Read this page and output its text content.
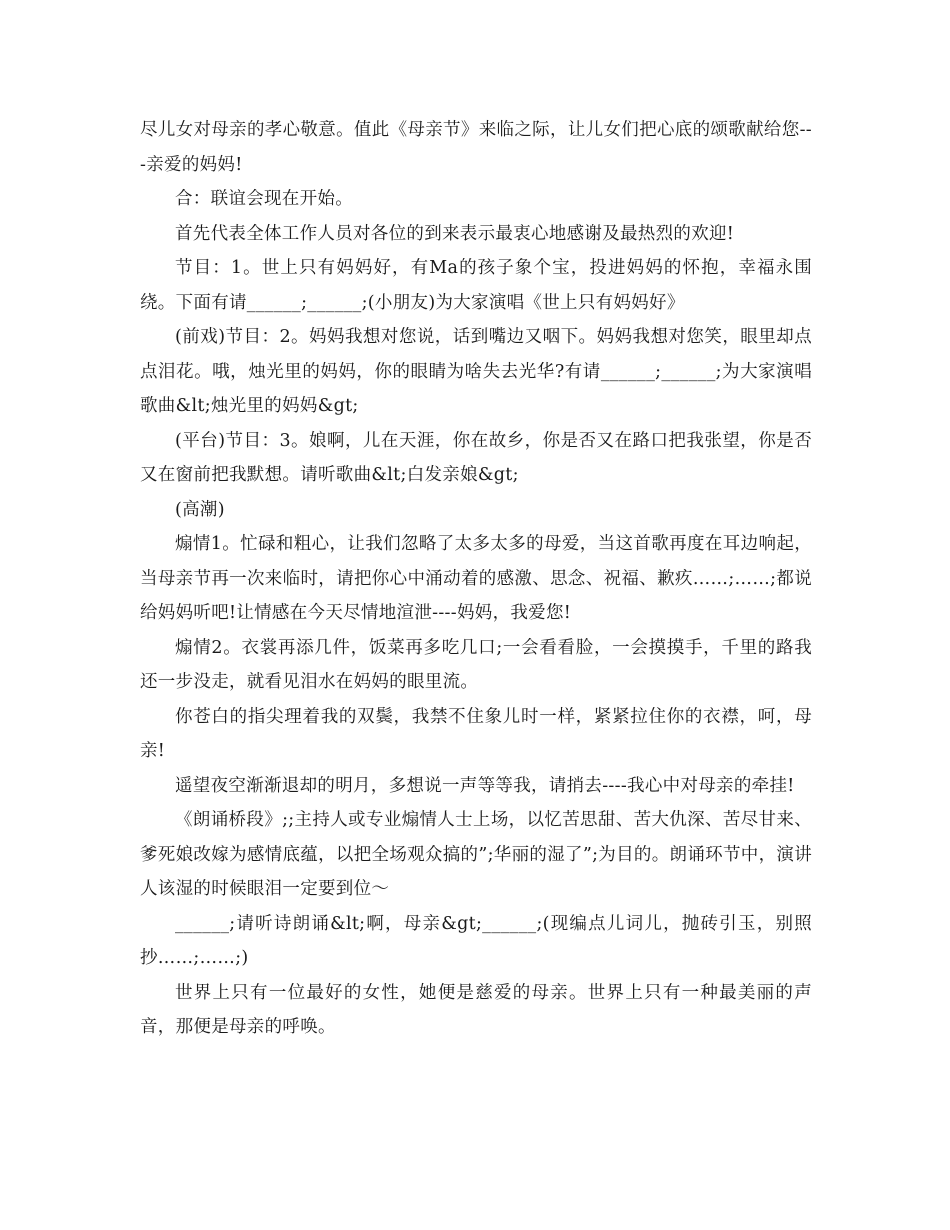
尽儿女对母亲的孝心敬意。值此《母亲节》来临之际，让儿女们把心底的颂歌献给您---亲爱的妈妈!

合：联谊会现在开始。

首先代表全体工作人员对各位的到来表示最衷心地感谢及最热烈的欢迎!

节目：1。世上只有妈妈好，有Ma的孩子象个宝，投进妈妈的怀抱，幸福永围绕。下面有请______;______;(小朋友)为大家演唱《世上只有妈妈好》

(前戏)节目：2。妈妈我想对您说，话到嘴边又咽下。妈妈我想对您笑，眼里却点点泪花。哦，烛光里的妈妈，你的眼睛为啥失去光华?有请______;______;为大家演唱歌曲&lt;烛光里的妈妈&gt;

(平台)节目：3。娘啊，儿在天涯，你在故乡，你是否又在路口把我张望，你是否又在窗前把我默想。请听歌曲&lt;白发亲娘&gt;

(高潮)

煽情1。忙碌和粗心，让我们忽略了太多太多的母爱，当这首歌再度在耳边响起，当母亲节再一次来临时，请把你心中涌动着的感激、思念、祝福、歉疚……;……;都说给妈妈听吧!让情感在今天尽情地渲泄----妈妈，我爱您!

煽情2。衣裳再添几件，饭菜再多吃几口;一会看看脸，一会摸摸手，千里的路我还一步没走，就看见泪水在妈妈的眼里流。

你苍白的指尖理着我的双鬓，我禁不住象儿时一样，紧紧拉住你的衣襟，呵，母亲!

遥望夜空渐渐退却的明月，多想说一声等等我，请捎去----我心中对母亲的牵挂!

《朗诵桥段》;;主持人或专业煽情人士上场，以忆苦思甜、苦大仇深、苦尽甘来、爹死娘改嫁为感情底蕴，以把全场观众搞的”;华丽的湿了”;为目的。朗诵环节中，演讲人该湿的时候眼泪一定要到位～

______;请听诗朗诵&lt;啊，母亲&gt;______;(现编点儿词儿，抛砖引玉，别照抄……;……;)

世界上只有一位最好的女性，她便是慈爱的母亲。世界上只有一种最美丽的声音，那便是母亲的呼唤。
